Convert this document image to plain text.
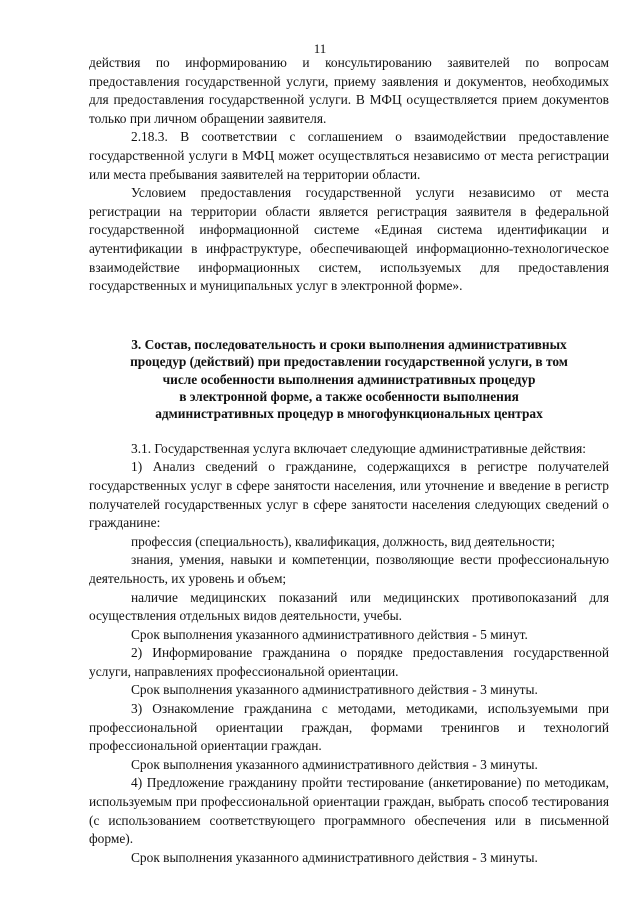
11

действия по информированию и консультированию заявителей по вопросам предоставления государственной услуги, приему заявления и документов, необходимых для предоставления государственной услуги. В МФЦ осуществляется прием документов только при личном обращении заявителя.

2.18.3. В соответствии с соглашением о взаимодействии предоставление государственной услуги в МФЦ может осуществляться независимо от места регистрации или места пребывания заявителей на территории области.

Условием предоставления государственной услуги независимо от места регистрации на территории области является регистрация заявителя в федеральной государственной информационной системе «Единая система идентификации и аутентификации в инфраструктуре, обеспечивающей информационно-технологическое взаимодействие информационных систем, используемых для предоставления государственных и муниципальных услуг в электронной форме».

3. Состав, последовательность и сроки выполнения административных
процедур (действий) при предоставлении государственной услуги, в том
числе особенности выполнения административных процедур
в электронной форме, а также особенности выполнения
административных процедур в многофункциональных центрах

3.1. Государственная услуга включает следующие административные действия:

1) Анализ сведений о гражданине, содержащихся в регистре получателей государственных услуг в сфере занятости населения, или уточнение и введение в регистр получателей государственных услуг в сфере занятости населения следующих сведений о гражданине:

профессия (специальность), квалификация, должность, вид деятельности;

знания, умения, навыки и компетенции, позволяющие вести профессиональную деятельность, их уровень и объем;

наличие медицинских показаний или медицинских противопоказаний для осуществления отдельных видов деятельности, учебы.

Срок выполнения указанного административного действия - 5 минут.

2) Информирование гражданина о порядке предоставления государственной услуги, направлениях профессиональной ориентации.

Срок выполнения указанного административного действия - 3 минуты.

3) Ознакомление гражданина с методами, методиками, используемыми при профессиональной ориентации граждан, формами тренингов и технологий профессиональной ориентации граждан.

Срок выполнения указанного административного действия - 3 минуты.

4) Предложение гражданину пройти тестирование (анкетирование) по методикам, используемым при профессиональной ориентации граждан, выбрать способ тестирования (с использованием соответствующего программного обеспечения или в письменной форме).

Срок выполнения указанного административного действия - 3 минуты.
